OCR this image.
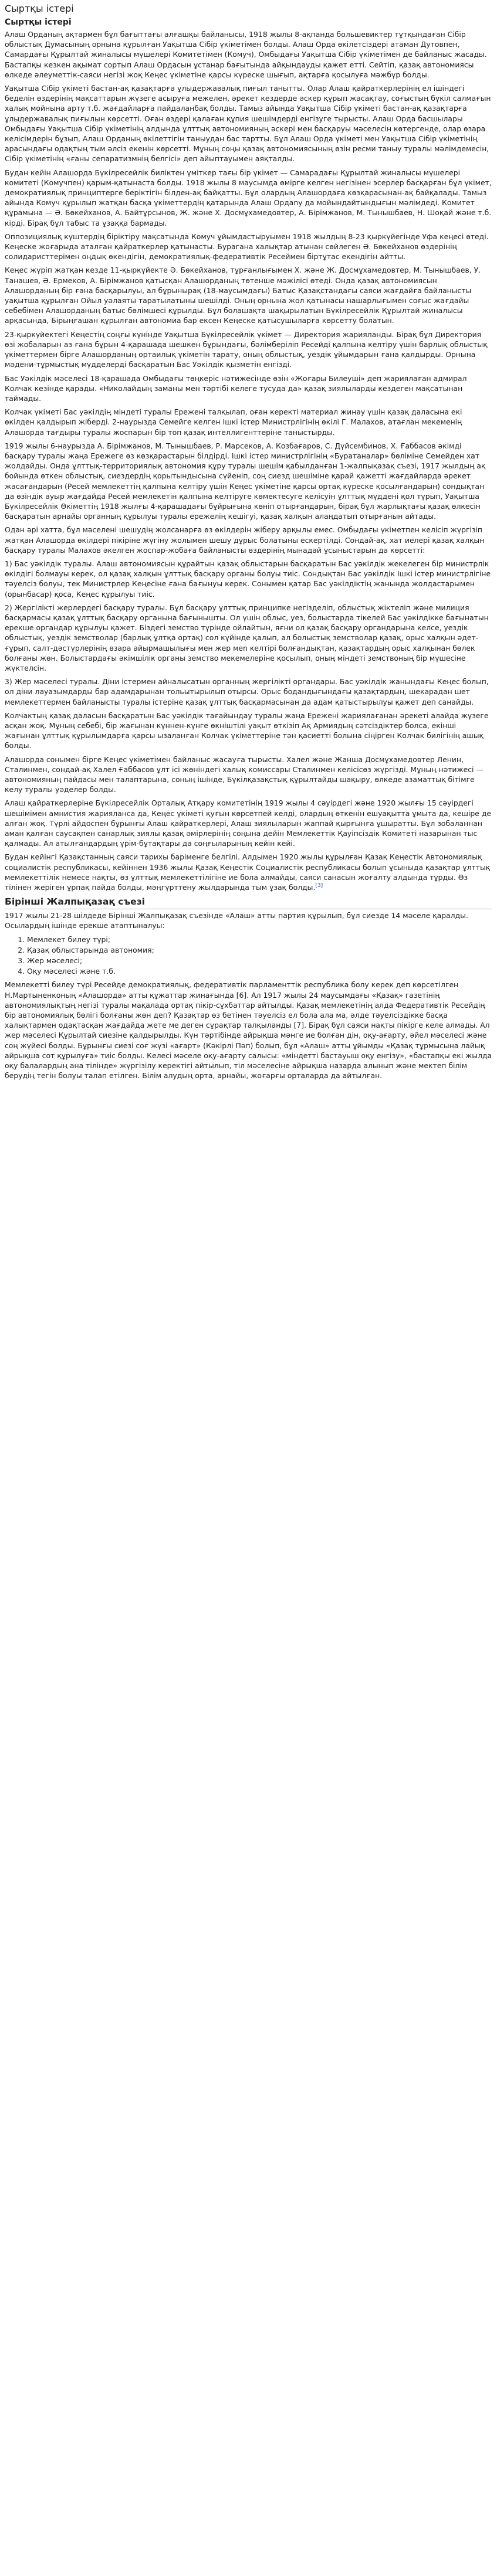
Сыртқы істері
Сыртқы істері

Алаш Орданың ақтармен бұл бағыттағы алғашқы байланысы, 1918 жылы 8-ақпанда большевиктер тұтқындаған Сібір облыстық Думасының орнына құрылған Уақытша Сібір үкіметімен болды. Алаш Орда өкілетсіздері атаман Дутовпен, Самардағы Құрылтай жиналысы мүшелері Комитетімен (Комуч), Омбыдағы Уақытша Сібір үкіметімен де байланыс жасады. Бастапқы кезкен ақымат сортып Алаш Ордасын ұстанар бағытында айқындауды қажет етті. Сейтіп, қазақ автономиясы өлкеде әлеуметтік-саяси негізі жоқ Кеңес үкіметіне қарсы күреске шығып, ақтарға қосылуға мәжбүр болды.

Уақытша Сібір үкіметі бастан-ақ қазақтарға ұлыдержавалық пиғыл танытты. Олар Алаш қайраткерлерінің ел ішіндегі беделін өздерінің мақсаттарын жүзеге асыруға межелен, әрекет кездерде әскер құрып жасақтау, соғыстың бүкіл салмағын халық мойнына арту т.б. жағдайларға пайдаланбақ болды. Тамыз айында Уақытша Сібір үкіметі бастан-ақ қазақтарға ұлыдержавалық пиғылын көрсетті. Оған өздері қалаған құпия шешімдерді енгізуге тырысты. Алаш Орда басшылары Омбыдағы Уақытша Сібір үкіметінің алдында ұлттық автономияның әскері мен басқаруы мәселесін көтергенде, олар өзара келісімдерін бұзып, Алаш Орданың өкілеттігін таныудан бас тартты. Бұл Алаш Орда үкіметі мен Уақытша Сібір үкіметінің арасындағы одақтың тым әлсіз екенін көрсетті. Мұның соңы қазақ автономиясының өзін ресми таныу туралы мәлімдемесін, Сібір үкіметінің «ғаны сепаратизмнің белгісі» деп айыптауымен аяқталды.

Будан кейін Алашорда Бүкілресейлік билiктен үмiткер тағы бір үкімет — Самарадағы Құрылтай жиналысы мүшелері комитеті (Комучпен) қарым-қатынаста болды. 1918 жылы 8 маусымда өміргe келген негізінен эсерлер басқарған бұл үкімет, демократиялық принциптерге берiктiгiн білден-ақ байқатты. Бұл олардың Алашордаға көзқарасынан-ақ байқалады. Тамыз айында Комуч құрылып жатқан басқа үкіметтердің қатарында Алаш Ордany да мойындайтындығын мәлімдеді. Комитет құрамына — Ә. Бөкейханов, А. Байтұрсынов, Ж. және Х. Досмұхамедовтер, А. Бірімжанов, М. Тынышбаев, Н. Шоқай және т.б. кірді. Бірақ бұл табыс та ұзаққа бармады.

Оппозициялық күштердiң бiрiктiру мақсатында Комуч ұйымдастыруымен 1918 жылдың 8-23 қыркүйегінде Уфа кеңесі өтеді. Кеңеске жоғарыда аталған қайраткерлер қатынасты. Бурагана халықтар атынан сөйлеген Ә. Бөкейханов өздерінің солидаристтерімен оңдық өкендігін, демократиялық-федеративтік Ресеймен біртұтас екендігін айтты.

Кеңес жүріп жатқан кезде 11-қыркүйекте Ә. Бөкейханов, тұрғанлығымен Х. және Ж. Досмұхамедовтер, М. Тынышбаев, У. Танашев, Ә. Ермеков, А. Бірімжанов қатысқан Алашорданың төтенше мәжілісі өтеді. Онда қазақ автономиясын Алашорданың бір ғана басқарылуы, ал бұрынырақ (18-маусымдағы) Батыс Қазақстандағы саяси жағдайға байланысты уақытша құрылған Ойыл уәлаяты таратылатыны шешілді. Оның орнына жол қатынасы нашарлығымен соғыс жағдайы себебімен Алашорданың батыс бөлімшесі құрылды. Бұл болашақта шақырылатын Бүкілресейлік Құрылтай жиналысы арқасында, Бірыңғашан құрылған автономиа бар ексен Кеңеске қатысушыларға көрсетту болатын.

23-қыркүйектегі Кеңестің соңғы күнінде Уақытша Бүкілресейлік үкімет — Директория жарияланды. Бірақ бұл Директория өзі жобаларын аз ғана бұрын 4-қарашада шешкен бұрындағы, бәлiмберіліп Ресейді қалпына келтіру үшін барлық облыстық үкіметтермен бірге Алашорданың ортаилық үкіметін тарату, оның облыстық, уездік ұйымдарын ғана қалдырды. Орнына мәдени-тұрмыстық мүдделерді басқаратын Бас Уәкілдік қызметін енгізді.

Бас Уәкілдік мәселесі 18-қарашада Омбыдағы төңкеріс нәтижесінде өзiн «Жоғары Билеуші» деп жариялаған адмирал Колчак кезінде қарады. «Николайдың заманы мен тәртібі келеге тусуда да» қазақ зиялыларды кездеген мақсатынан таймады.

Колчак үкіметі Бас уәкілдің міндеті туралы Ережені талқылап, оған керекті материал жинау үшін қазақ даласына екі өкілден қалдырып жіберді. 2-наурызда Семейге келген Ішкі істер Министрлігінің өкілі Г. Малахов, атағлан мекеменің Алашорда тағдыры туралы жоспарын бір топ қазақ интеллигенттеріне таныстырды.

1919 жылы 6-наурызда А. Бірімжанов, М. Тынышбаев, Р. Марсеков, А. Козбағаров, С. Дүйсембинов, Х. Ғаббасов әкімді басқару туралы жаңа Ережеге өз көзқарастарын білдірді. Ішкі істер министрлігінің «Буратаналар» бөлiмiне Семейден хат жолдайды. Онда ұлттық-территориялық автономия құру туралы шешім қабылданған 1-жалпықазақ съезі, 1917 жылдың ақ бойында өткен облыстық, сиездердің қорытындысына сүйенiп, соң сиезд шешімiне қарай қажетті жағдайларда әрекет жасағандарын (Ресей мемлекеттiң қалпына келтiру үшiн Кеңес үкіметіне қарсы ортақ күреске қосылғандарын) сондықтан да өзіндiк ауыр жағдайда Ресей мемлекетін қалпына келтіруге көмектесуге келісуін ұлттық мүддені қол түрып, Уақытша Бүкілресейлік Өкіметтің 1918 жылғы 4-қарашадағы бұйрығына көніп отырғандарын, бірақ бұл жарлықтағы қазақ өлкесін басқаратын арнайы органның құрылуы туралы ережелің кешiгуi, қазақ халқын алаңдатып отырғанын айтады.

Одан әрі хатта, бұл мәселені шешудiң жолсанарға өз өкілдерін жіберу арқылы емес. Омбыдағы үкіметпен келiсiп жүргiзiп жатқан Алашорда өкiлдерi пiкiрiне жүгiну жолымен шешу дұрыс болатыны ескертілді. Сондай-ақ, хат иелері қазақ халқын басқару туралы Малахов әкелген жоспар-жобаға байланысты өздерінің мынадай ұсыныстарын да көрсетті:

1) Бас уәкілдік туралы. Алаш автономиясын құрайтын қазақ облыстарын басқаратын Бас уәкілдік жекелеген бір министрлік өкілдігі болмауы керек, ол қазақ халқын ұлттық басқару органы болуы тиіс. Сондықтан Бас уәкілдік Ішкі істер министрлігіне тәуелсіз болуы, тек Министрлер Кеңесіне ғана бағынуы керек. Сонымен қатар Бас уәкілдіктің жанында жолдастарымен (орынбасар) қоса, Кеңес құрылуы тиіс.

2) Жергілікті жерлердегі басқару туралы. Бұл басқару ұлттық принципке негізделіп, облыстық жіктелiп және милиция басқармасы қазақ ұлттық басқару органына бағынышты. Ол үшін облыс, уез, болыстарда тікелей Бас уәкілдікке бағынатын ерекше органдар құрылуы қажет. Біздегі земство түрінде ойлайтын, яғни ол қазақ басқару органдарына келсе, уездiк облыстық, уездiк земстволар (барлық ұлтқа ортақ) сол күйінде қалып, ал болыстық земстволар қазақ, орыс халқын әдет-ғұрып, салт-дәстүрлерiнiң өзара айырмашылығы мен жер меn келтiрi болғандықтан, қазақтардың орыс халқынан бөлек болғаны жөн. Болыстардағы әкiмшiлiк органы земство мекемелерiне қосылып, оның міндетi земствоның бір мүшесiне жүктелсiн.

3) Жер мәселесi туралы. Дiни iстермен айналысатын органның жергiлiктi органдары. Бас уәкiлдiк жанындағы Кеңес болып, ол дiни лауазымдарды бар адамдарынан тольытырылып отырсы. Орыс бодандығындағы қазақтардың, шекарадан шет мемлекеттермен байланысты туралы істеріне қазақ ұлттық басқармасынан да адам қатыстырылуы қажет деп санайды.

Колчактың қазақ даласын басқаратын Бас уәкiлдiк тағайындау туралы жаңа Ережені жариялағанан әрекеті алайда жүзеге асқан жоқ. Мұның себебі, бір жағынан күннен-күнге өкніштілі уақыт өткізiп Ақ Армиядың сәтсiздiктер болса, екіншi жағынан ұлттық құрылымдарға қарсы ызаланған Колчак үкіметтеріне тән қасиеттi болына сіңірген Колчак билігінің ашық болды.

Алашорда сонымен бірге Кеңес үкіметімен байланыс жасауға тырысты. Халел және Жанша Досмұхамедовтер Ленин, Сталинмен, сондай-ақ Халел Ғаббасов ұлт iсi жөнiндегi халық комиссары Сталинмен келiсiсөз жүргiздi. Мұның нәтижесі — автономияның пайдасы мен талаптарына, соның ішінде, Бүкілқазақстық құрылтайды шақыру, өлкеде азаматтық бітімге келу туралы уәделер болды.

Алаш қайраткерлеріне Бүкілресейлік Орталық Атқару комитетінің 1919 жылы 4 сәуірдегі және 1920 жылғы 15 сәуірдегі шешімімен амнистия жарияланса да, Кеңес үкіметі қуғын көрсетпей келді, олардың өткенін ешуақытта ұмыта да, кешіре де алған жоқ. Түрлі айдоспен бұрынғы Алаш қайраткерлері, Алаш зиялыларын жаппай қырғынға ұшыратты. Бұл зобаланнан аман қалған саусақпен санарлық зиялы қазақ әмiрлерiнiң соңына дейiн Мемлекеттiк Қауiпсiздiк Комитетi назарынан тыс қалмады. Ал атылғандардың үрім-бұтақтары да соңғыларының кейiн кейi.

Будан кейiнгi Қазақстанның саяси тарихы барiменге белгiлi. Алдымен 1920 жылы құрылған Қазақ Кеңестiк Автономиялық социалистiк республикасы, кейiннен 1936 жылы Қазақ Кеңестiк Социалистiк республикасы болып ұсыныда қазақтар ұлттық мемлекеттiлiк немесе нақты, өз ұлттық мемлекеттiлiгiне ие бола алмайды, саяси санасын жоғалту алдында тұрды. Өз тiлiнен жерiген ұрпақ пайда болды, мәңгүрттену жылдарында тым ұзақ болды.[3]

Бірінші Жалпықазақ съезі

1917 жылы 21-28 шiлдеде Бiрiншi Жалпықазақ съезiнде «Алаш» атты партия құрылып, бұл сиезде 14 мәселе қаралды. Осылардың ішінде ерекше атаптыналуы:

1. Мемлекет билеу түрі;
2. Қазақ облыстарында автономия;
3. Жер мәселесі;
4. Оқу мәселесі және т.б.

Мемлекеттi билеу түрi Ресейде демократиялық, федеративтiк парламенттiк республика болу керек деп көрсетiлген Н.Мартыненконың «Алашорда» атты құжаттар жинағында [6]. Ал 1917 жылы 24 маусымдағы «Қазақ» газетiнiң автономиялықтың негiзi туралы мақалада ортақ пiкiр-сұхбаттар айтылды. Қазақ мемлекетiнiң алда Федеративтiк Ресейдiң бiр автономиялық бөлiгi болғаны жөн деп? Қазақтар өз бетiнен тәуелсiз ел бола ала ма, әлде тәуелсiздiкке басқа халықтармен одақтасқан жағдайда жете ме деген сұрақтар талқыланды [7]. Бiрақ бұл саяси нақты пiкiрге келе алмады. Ал жер мәселесi Құрылтай сиезiне қалдырылды. Күн тәртiбiнде айрықша мәнге ие болған дiн, оқу-ағарту, әйел мәселесi және соң жүйесi болды. Бұрынғы сиезi соғ жүзi «ағарт» (Кәкiрлi Пәп) болып, бұл «Алаш» атты ұйымды «Қазақ тұрмысына лайық айрықша сот құрылуға» тиiс болды. Келесi мәселе оқу-ағарту салысы: «мiндеттi бастауыш оқу енгiзу», «бастапқы екi жылда оқу балалардың ана тiлiнде» жүргiзiлу керектiгi айтылып, тiл мәселесiне айрықша назарда алынып және мектеп бiлiм берудiң тегiн болуы талап етiлген. Бiлiм алудың орта, арнайы, жоғарғы орталарда да айтылған.
